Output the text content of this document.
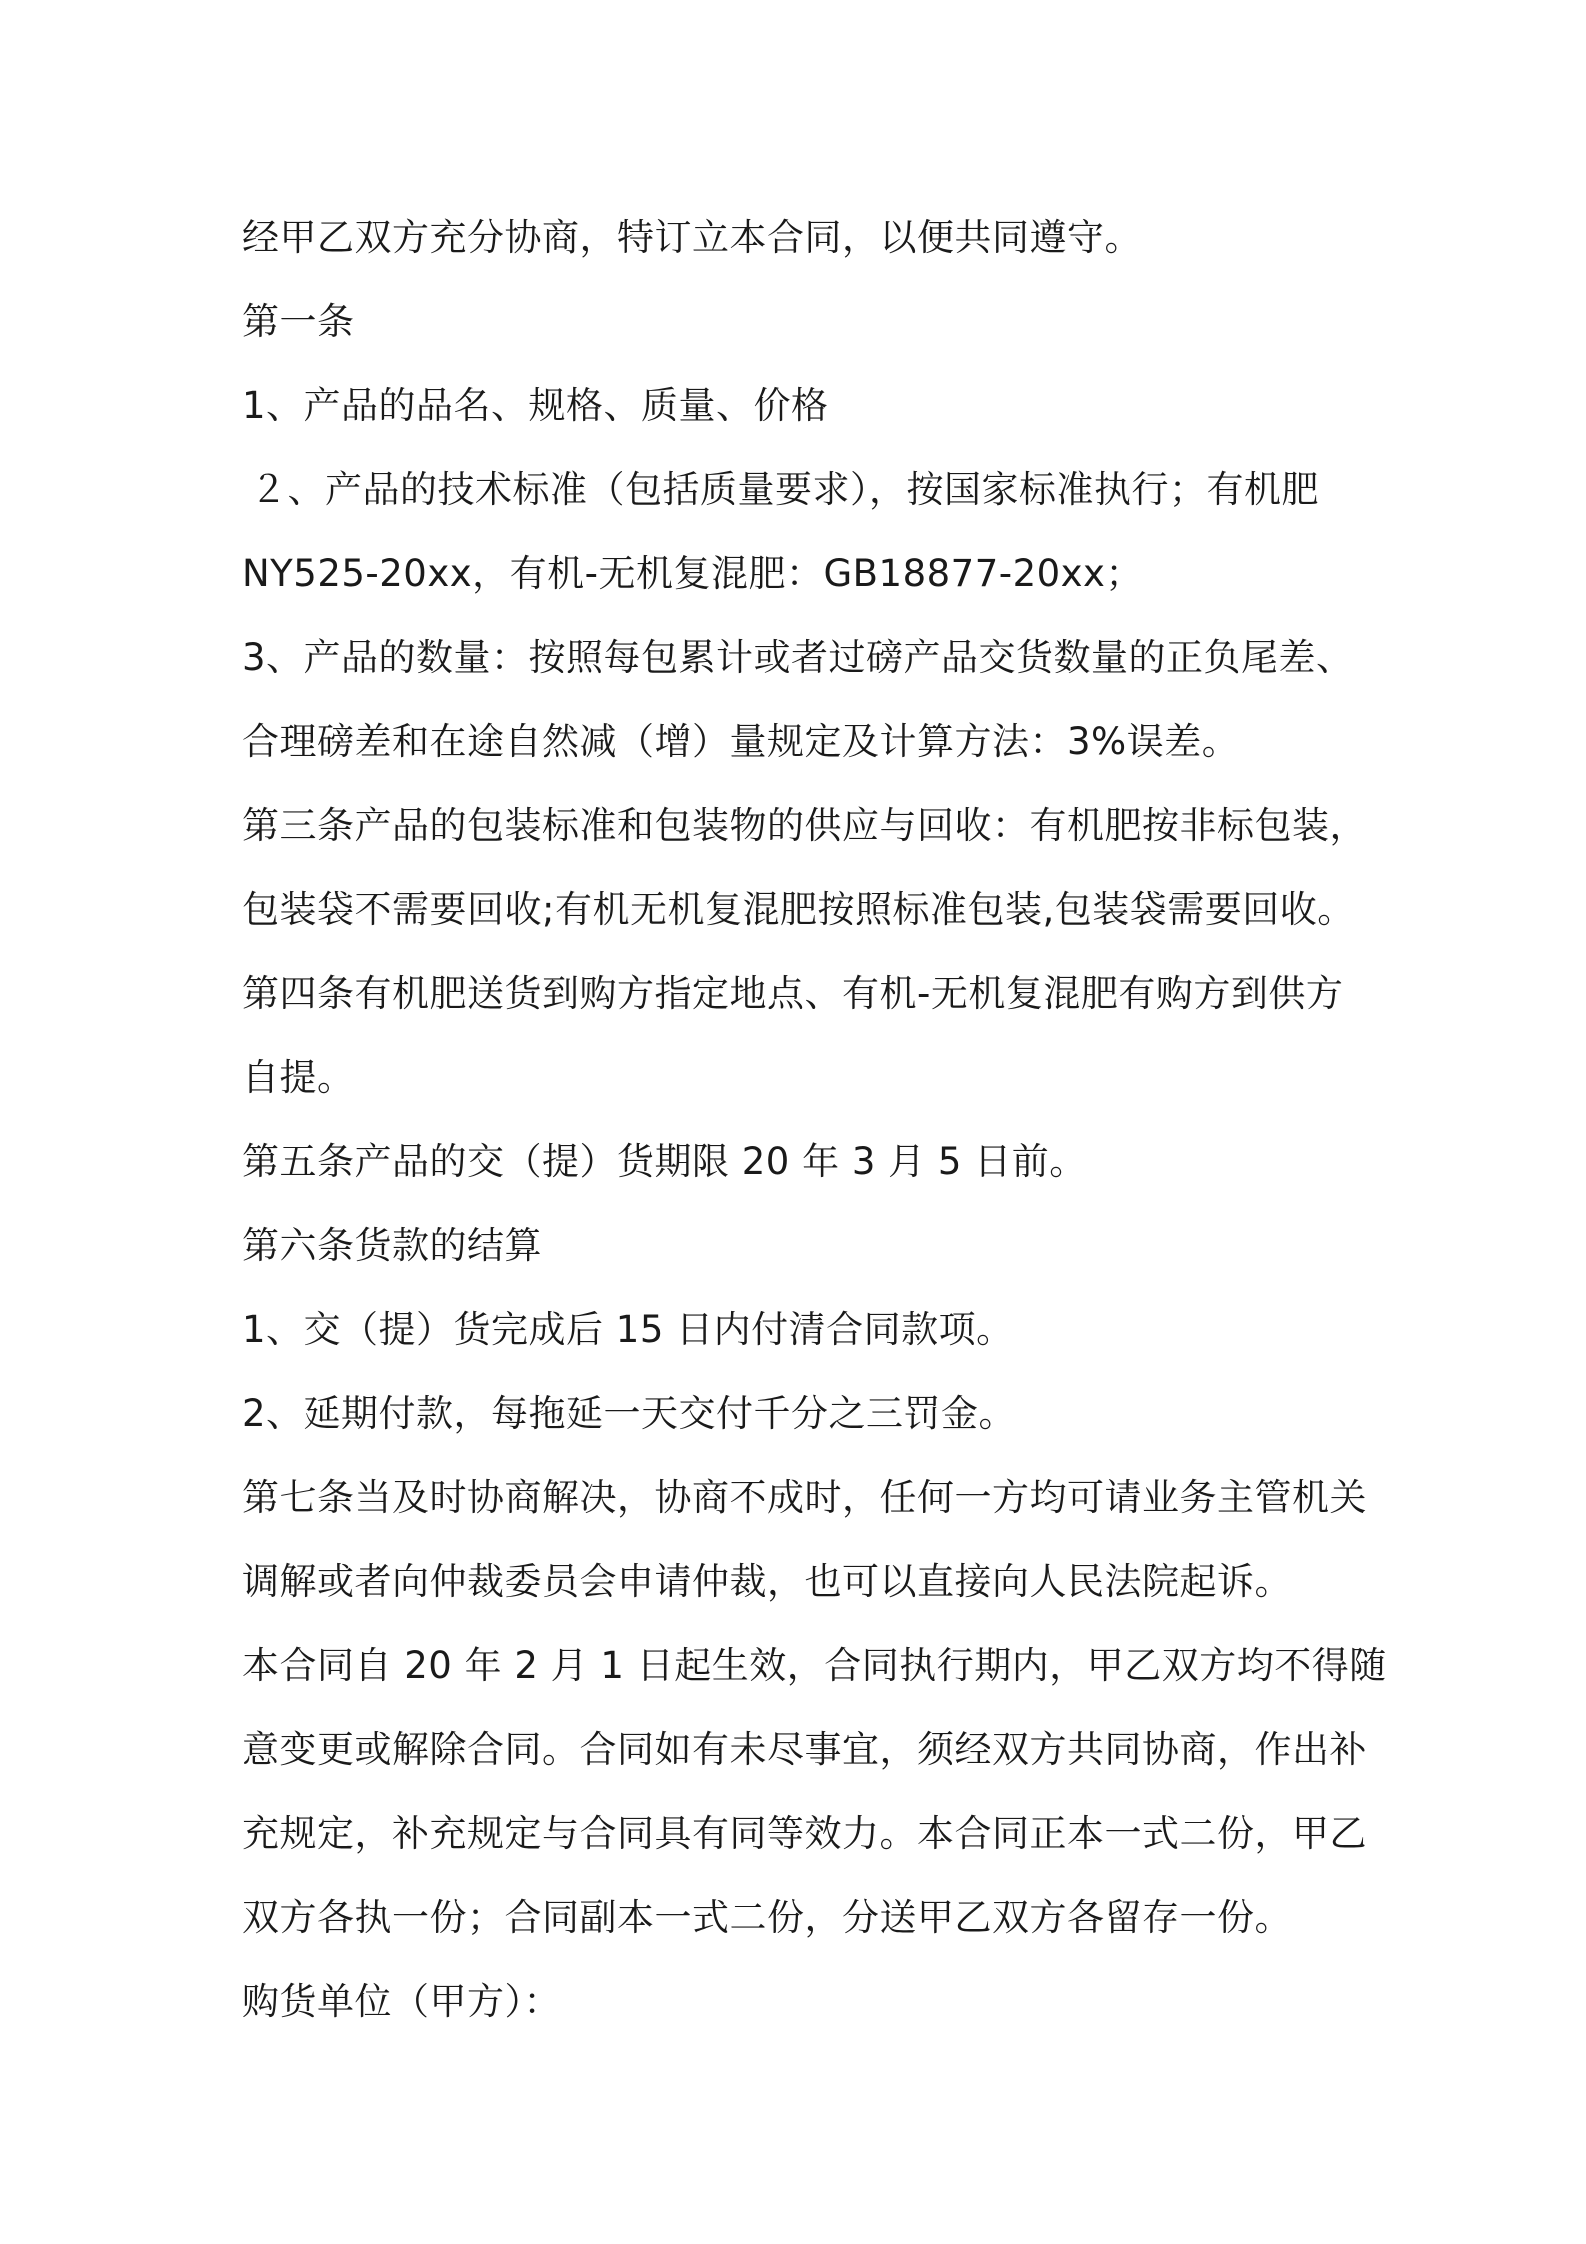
经甲乙双方充分协商，特订立本合同，以便共同遵守。
第一条
1、产品的品名、规格、质量、价格
２、产品的技术标准（包括质量要求），按国家标准执行；有机肥
NY525-20xx，有机-无机复混肥：GB18877-20xx；
3、产品的数量：按照每包累计或者过磅产品交货数量的正负尾差、
合理磅差和在途自然减（增）量规定及计算方法：3%误差。
第三条产品的包装标准和包装物的供应与回收：有机肥按非标包装，
包装袋不需要回收;有机无机复混肥按照标准包装,包装袋需要回收。
第四条有机肥送货到购方指定地点、有机-无机复混肥有购方到供方
自提。
第五条产品的交（提）货期限 20 年 3 月 5 日前。
第六条货款的结算
1、交（提）货完成后 15 日内付清合同款项。
2、延期付款，每拖延一天交付千分之三罚金。
第七条当及时协商解决，协商不成时，任何一方均可请业务主管机关
调解或者向仲裁委员会申请仲裁，也可以直接向人民法院起诉。
本合同自 20 年 2 月 1 日起生效，合同执行期内，甲乙双方均不得随
意变更或解除合同。合同如有未尽事宜，须经双方共同协商，作出补
充规定，补充规定与合同具有同等效力。本合同正本一式二份，甲乙
双方各执一份；合同副本一式二份，分送甲乙双方各留存一份。
购货单位（甲方）：
